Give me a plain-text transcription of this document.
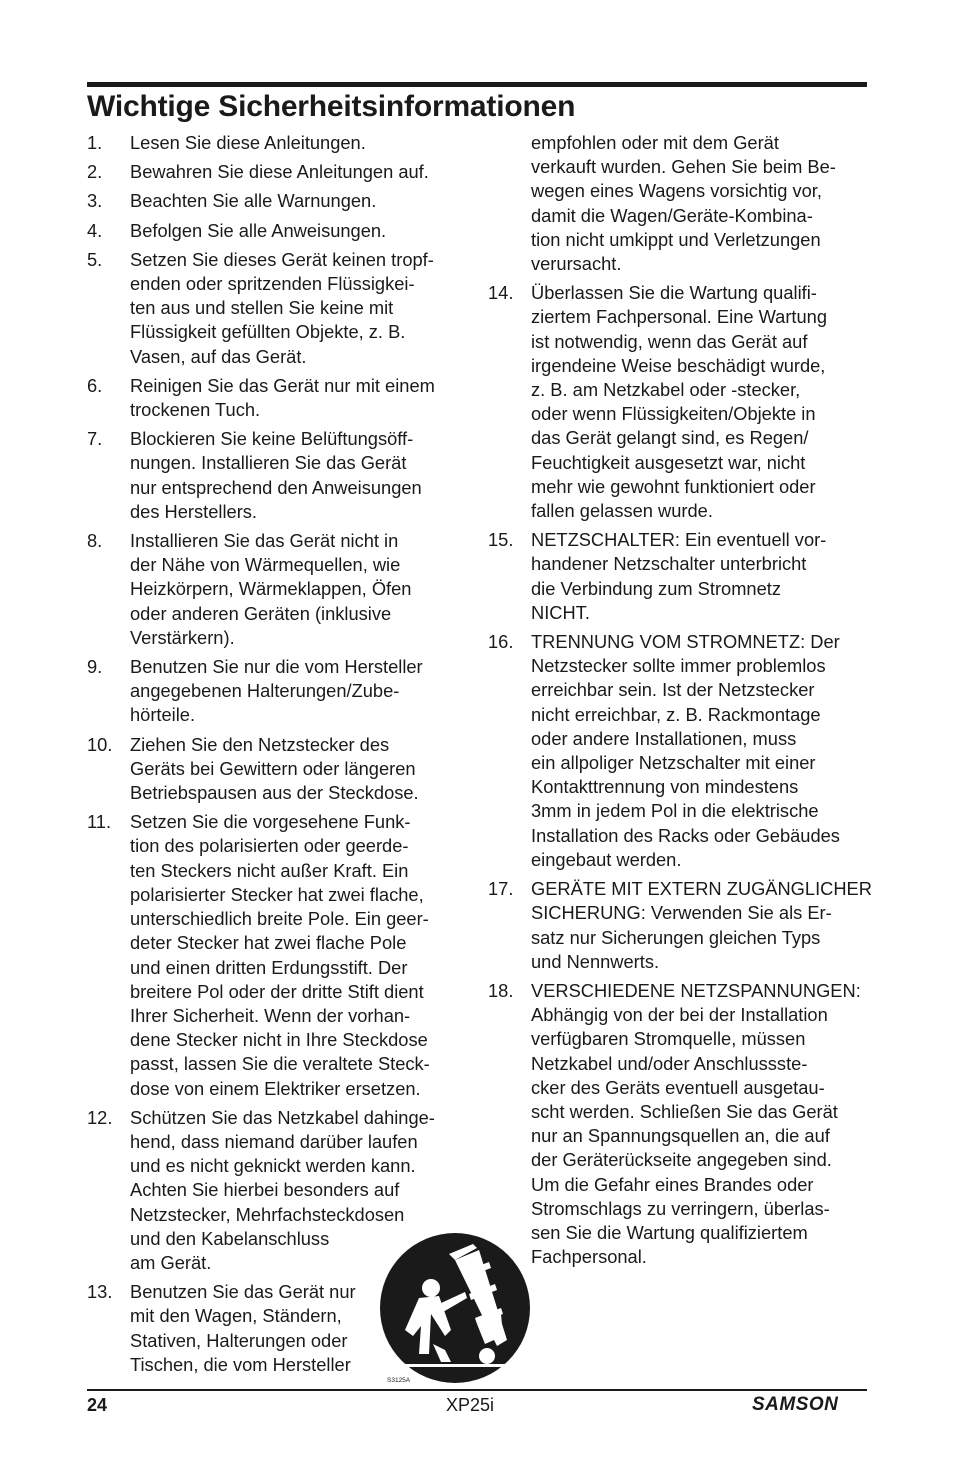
Wichtige Sicherheitsinformationen
1. Lesen Sie diese Anleitungen.
2. Bewahren Sie diese Anleitungen auf.
3. Beachten Sie alle Warnungen.
4. Befolgen Sie alle Anweisungen.
5. Setzen Sie dieses Gerät keinen tropf-
enden oder spritzenden Flüssigkei-
ten aus und stellen Sie keine mit
Flüssigkeit gefüllten Objekte, z. B.
Vasen, auf das Gerät.
6. Reinigen Sie das Gerät nur mit einem
trockenen Tuch.
7. Blockieren Sie keine Belüftungsöff-
nungen. Installieren Sie das Gerät
nur entsprechend den Anweisungen
des Herstellers.
8. Installieren Sie das Gerät nicht in
der Nähe von Wärmequellen, wie
Heizkörpern, Wärmeklappen, Öfen
oder anderen Geräten (inklusive
Verstärkern).
9. Benutzen Sie nur die vom Hersteller
angegebenen Halterungen/Zube-
hörteile.
10. Ziehen Sie den Netzstecker des
Geräts bei Gewittern oder längeren
Betriebspausen aus der Steckdose.
11. Setzen Sie die vorgesehene Funk-
tion des polarisierten oder geerde-
ten Steckers nicht außer Kraft. Ein
polarisierter Stecker hat zwei flache,
unterschiedlich breite Pole. Ein geer-
deter Stecker hat zwei flache Pole
und einen dritten Erdungsstift. Der
breitere Pol oder der dritte Stift dient
Ihrer Sicherheit. Wenn der vorhan-
dene Stecker nicht in Ihre Steckdose
passt, lassen Sie die veraltete Steck-
dose von einem Elektriker ersetzen.
12. Schützen Sie das Netzkabel dahinge-
hend, dass niemand darüber laufen
und es nicht geknickt werden kann.
Achten Sie hierbei besonders auf
Netzstecker, Mehrfachsteckdosen
und den Kabelanschluss
am Gerät.
13. Benutzen Sie das Gerät nur
mit den Wagen, Ständern,
Stativen, Halterungen oder
Tischen, die vom Hersteller
empfohlen oder mit dem Gerät
verkauft wurden. Gehen Sie beim Be-
wegen eines Wagens vorsichtig vor,
damit die Wagen/Geräte-Kombina-
tion nicht umkippt und Verletzungen
verursacht.
14. Überlassen Sie die Wartung qualifi-
ziertem Fachpersonal. Eine Wartung
ist notwendig, wenn das Gerät auf
irgendeine Weise beschädigt wurde,
z. B. am Netzkabel oder -stecker,
oder wenn Flüssigkeiten/Objekte in
das Gerät gelangt sind, es Regen/
Feuchtigkeit ausgesetzt war, nicht
mehr wie gewohnt funktioniert oder
fallen gelassen wurde.
15. NETZSCHALTER: Ein eventuell vor-
handener Netzschalter unterbricht
die Verbindung zum Stromnetz
NICHT.
16. TRENNUNG VOM STROMNETZ: Der
Netzstecker sollte immer problemlos
erreichbar sein. Ist der Netzstecker
nicht erreichbar, z. B. Rackmontage
oder andere Installationen, muss
ein allpoliger Netzschalter mit einer
Kontakttrennung von mindestens
3mm in jedem Pol in die elektrische
Installation des Racks oder Gebäudes
eingebaut werden.
17. GERÄTE MIT EXTERN ZUGÄNGLICHER
SICHERUNG: Verwenden Sie als Er-
satz nur Sicherungen gleichen Typs
und Nennwerts.
18. VERSCHIEDENE NETZSPANNUNGEN:
Abhängig von der bei der Installation
verfügbaren Stromquelle, müssen
Netzkabel und/oder Anschlussste-
cker des Geräts eventuell ausgetau-
scht werden. Schließen Sie das Gerät
nur an Spannungsquellen an, die auf
der Geräterückseite angegeben sind.
Um die Gefahr eines Brandes oder
Stromschlags zu verringern, überlas-
sen Sie die Wartung qualifiziertem
Fachpersonal.
S3125A
24	XP25i	SAMSON
